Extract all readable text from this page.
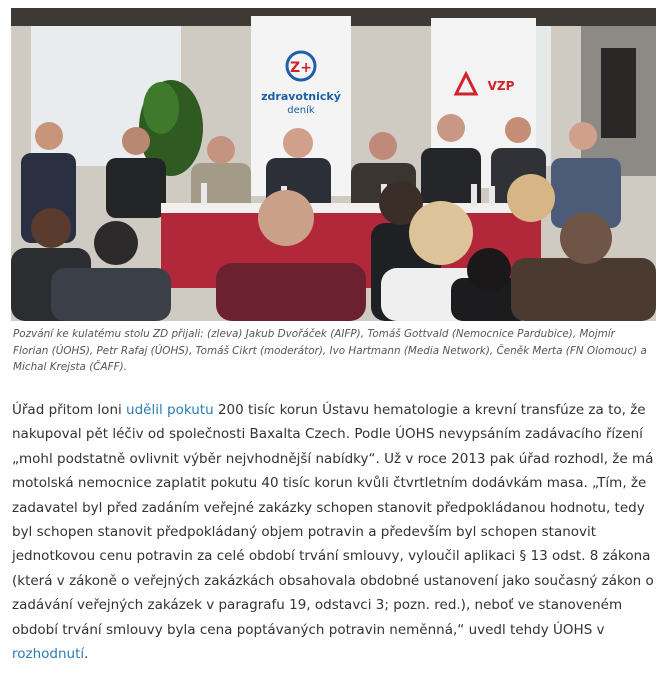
Z+
zdravotnický
deník
VZP
Pozvání ke kulatému stolu ZD přijali: (zleva) Jakub Dvořáček (AIFP), Tomáš Gottvald (Nemocnice Pardubice), Mojmír Florian (ÚOHS), Petr Rafaj (ÚOHS), Tomáš Cikrt (moderátor), Ivo Hartmann (Media Network), Čeněk Merta (FN Olomouc) a Michal Krejsta (ČAFF).

Úřad přitom loni udělil pokutu 200 tisíc korun Ústavu hematologie a krevní transfúze za to, že nakupoval pět léčiv od společnosti Baxalta Czech. Podle ÚOHS nevypsáním zadávacího řízení „mohl podstatně ovlivnit výběr nejvhodnější nabídky“. Už v roce 2013 pak úřad rozhodl, že má motolská nemocnice zaplatit pokutu 40 tisíc korun kvůli čtvrtletním dodávkám masa. „Tím, že zadavatel byl před zadáním veřejné zakázky schopen stanovit předpokládanou hodnotu, tedy byl schopen stanovit předpokládaný objem potravin a především byl schopen stanovit jednotkovou cenu potravin za celé období trvání smlouvy, vyloučil aplikaci § 13 odst. 8 zákona (která v zákoně o veřejných zakázkách obsahovala obdobné ustanovení jako současný zákon o zadávání veřejných zakázek v paragrafu 19, odstavci 3; pozn. red.), neboť ve stanoveném období trvání smlouvy byla cena poptávaných potravin neměnná,“ uvedl tehdy ÚOHS v rozhodnutí.
